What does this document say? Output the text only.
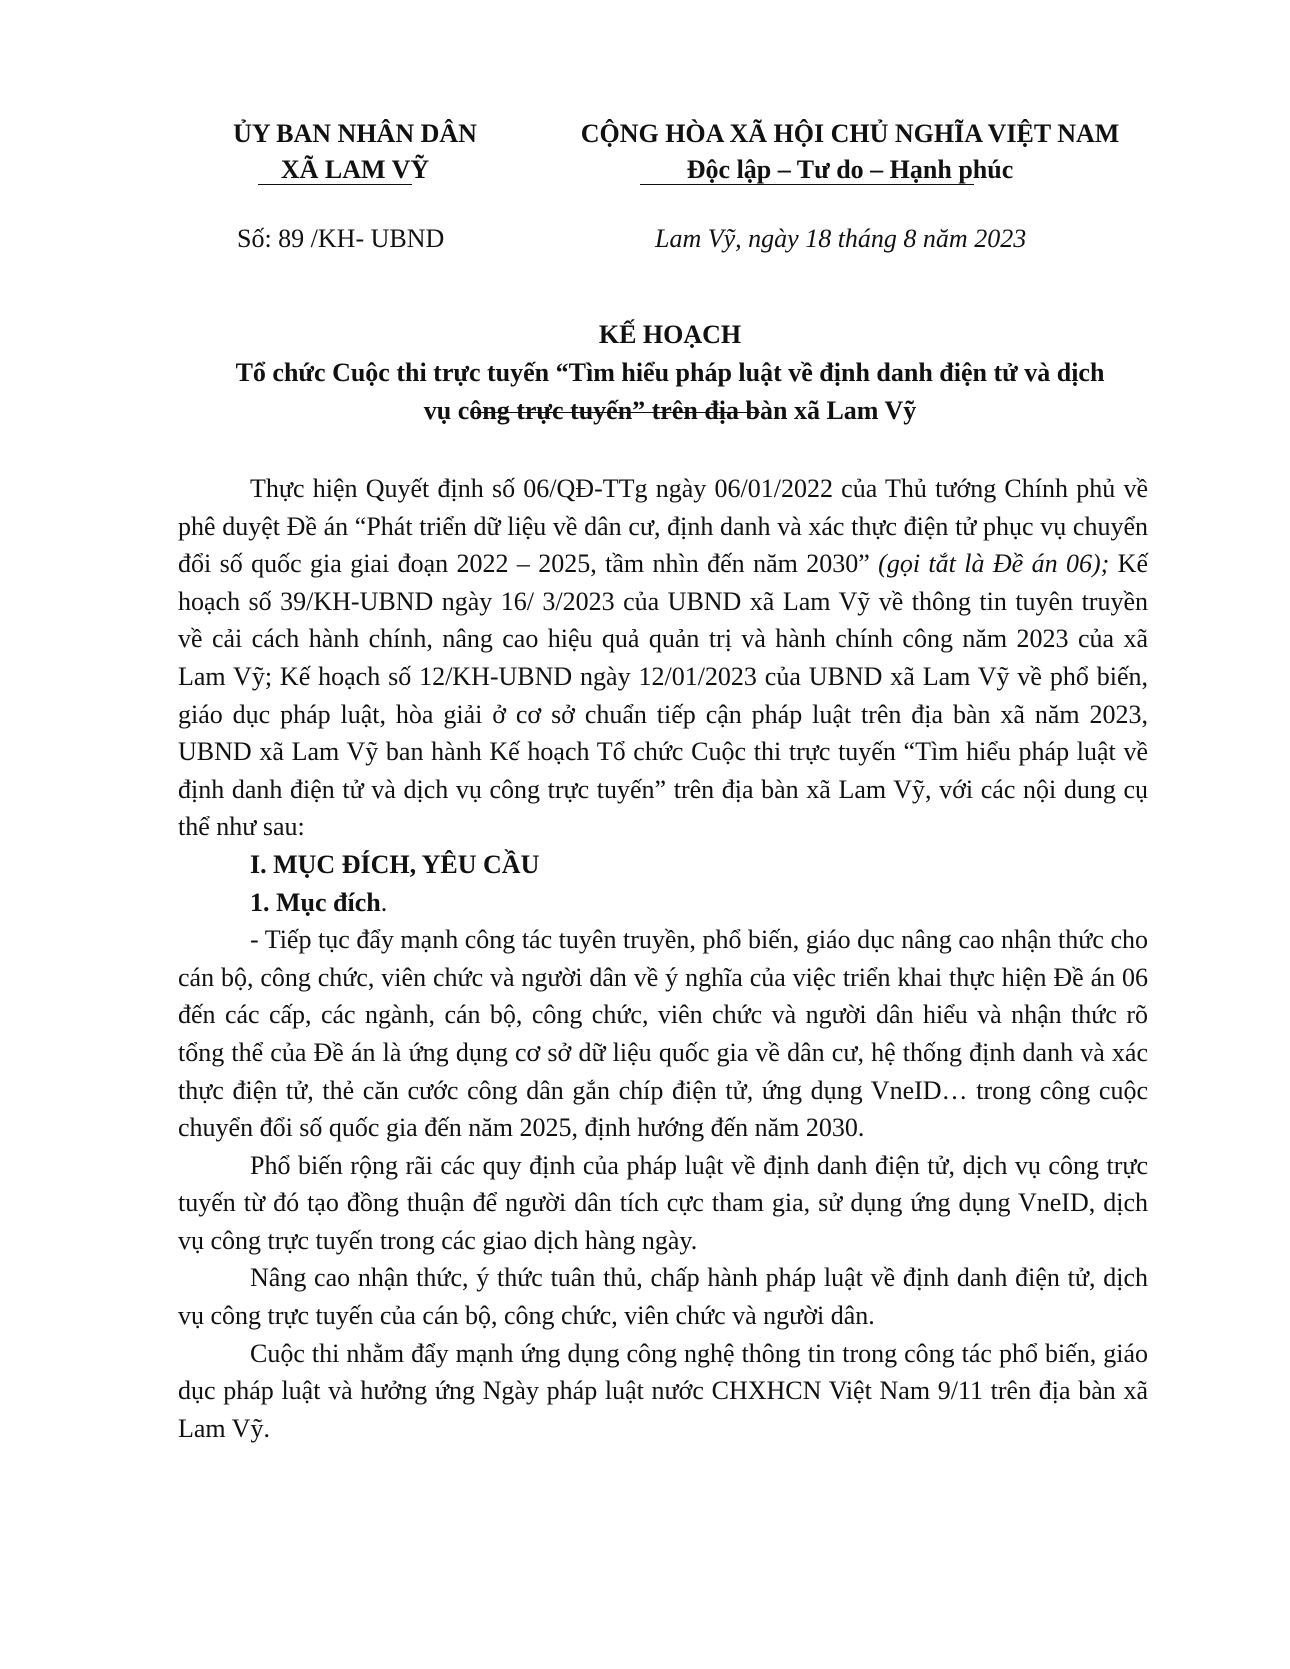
ỦY BAN NHÂN DÂN
XÃ LAM VỸ
CỘNG HÒA XÃ HỘI CHỦ NGHĨA VIỆT NAM
Độc lập – Tư do – Hạnh phúc
Số: 89 /KH- UBND	Lam Vỹ, ngày 18 tháng 8 năm 2023
KẾ HOẠCH
Tổ chức Cuộc thi trực tuyến “Tìm hiểu pháp luật về định danh điện tử và dịch
vụ công trực tuyến” trên địa bàn xã Lam Vỹ

Thực hiện Quyết định số 06/QĐ-TTg ngày 06/01/2022 của Thủ tướng Chính phủ về phê duyệt Đề án “Phát triển dữ liệu về dân cư, định danh và xác thực điện tử phục vụ chuyển đổi số quốc gia giai đoạn 2022 – 2025, tầm nhìn đến năm 2030” (gọi tắt là Đề án 06); Kế hoạch số 39/KH-UBND ngày 16/ 3/2023 của UBND xã Lam Vỹ về thông tin tuyên truyền về cải cách hành chính, nâng cao hiệu quả quản trị và hành chính công năm 2023 của xã Lam Vỹ; Kế hoạch số 12/KH-UBND ngày 12/01/2023 của UBND xã Lam Vỹ về phổ biến, giáo dục pháp luật, hòa giải ở cơ sở chuẩn tiếp cận pháp luật trên địa bàn xã năm 2023, UBND xã Lam Vỹ ban hành Kế hoạch Tổ chức Cuộc thi trực tuyến “Tìm hiểu pháp luật về định danh điện tử và dịch vụ công trực tuyến” trên địa bàn xã Lam Vỹ, với các nội dung cụ thể như sau:

I. MỤC ĐÍCH, YÊU CẦU

1. Mục đích.

- Tiếp tục đẩy mạnh công tác tuyên truyền, phổ biến, giáo dục nâng cao nhận thức cho cán bộ, công chức, viên chức và người dân về ý nghĩa của việc triển khai thực hiện Đề án 06 đến các cấp, các ngành, cán bộ, công chức, viên chức và người dân hiểu và nhận thức rõ tổng thể của Đề án là ứng dụng cơ sở dữ liệu quốc gia về dân cư, hệ thống định danh và xác thực điện tử, thẻ căn cước công dân gắn chíp điện tử, ứng dụng VneID… trong công cuộc chuyển đổi số quốc gia đến năm 2025, định hướng đến năm 2030.

Phổ biến rộng rãi các quy định của pháp luật về định danh điện tử, dịch vụ công trực tuyến từ đó tạo đồng thuận để người dân tích cực tham gia, sử dụng ứng dụng VneID, dịch vụ công trực tuyến trong các giao dịch hàng ngày.

Nâng cao nhận thức, ý thức tuân thủ, chấp hành pháp luật về định danh điện tử, dịch vụ công trực tuyến của cán bộ, công chức, viên chức và người dân.

Cuộc thi nhằm đẩy mạnh ứng dụng công nghệ thông tin trong công tác phổ biến, giáo dục pháp luật và hưởng ứng Ngày pháp luật nước CHXHCN Việt Nam 9/11 trên địa bàn xã Lam Vỹ.
